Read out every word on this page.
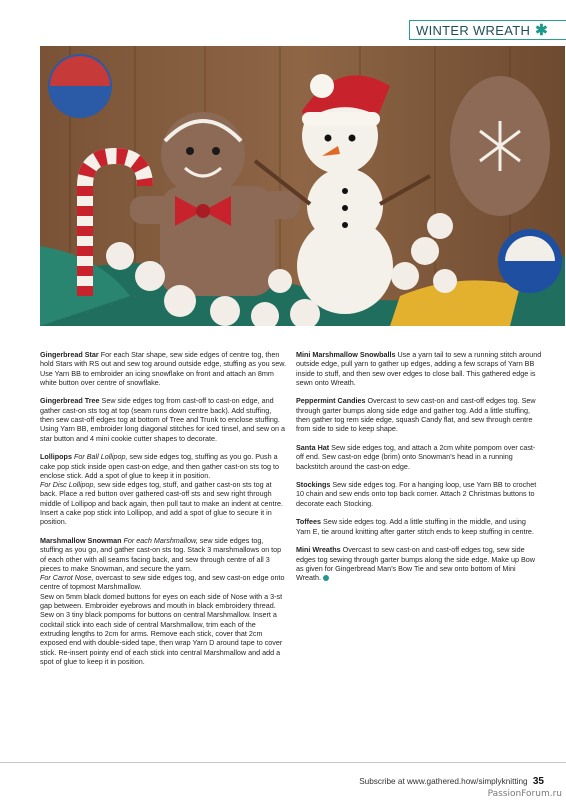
WINTER WREATH ✱

Gingerbread Star For each Star shape, sew side edges of centre tog, then hold Stars with RS out and sew tog around outside edge, stuffing as you sew. Use Yarn BB to embroider an icing snowflake on front and attach an 8mm white button over centre of snowflake.

Gingerbread Tree Sew side edges tog from cast-off to cast-on edge, and gather cast-on sts tog at top (seam runs down centre back). Add stuffing, then sew cast-off edges tog at bottom of Tree and Trunk to enclose stuffing. Using Yarn BB, embroider long diagonal stitches for iced tinsel, and sew on a star button and 4 mini cookie cutter shapes to decorate.

Lollipops For Ball Lollipop, sew side edges tog, stuffing as you go. Push a cake pop stick inside open cast-on edge, and then gather cast-on sts tog to enclose stick. Add a spot of glue to keep it in position.
For Disc Lollipop, sew side edges tog, stuff, and gather cast-on sts tog at back. Place a red button over gathered cast-off sts and sew right through middle of Lollipop and back again, then pull taut to make an indent at centre. Insert a cake pop stick into Lollipop, and add a spot of glue to secure it in position.

Marshmallow Snowman For each Marshmallow, sew side edges tog, stuffing as you go, and gather cast-on sts tog. Stack 3 marshmallows on top of each other with all seams facing back, and sew through centre of all 3 pieces to make Snowman, and secure the yarn.
For Carrot Nose, overcast to sew side edges tog, and sew cast-on edge onto centre of topmost Marshmallow.
Sew on 5mm black domed buttons for eyes on each side of Nose with a 3-st gap between. Embroider eyebrows and mouth in black embroidery thread. Sew on 3 tiny black pompoms for buttons on central Marshmallow. Insert a cocktail stick into each side of central Marshmallow, trim each of the extruding lengths to 2cm for arms. Remove each stick, cover that 2cm exposed end with double-sided tape, then wrap Yarn D around tape to cover stick. Re-insert pointy end of each stick into central Marshmallow and add a spot of glue to keep it in position.

Mini Marshmallow Snowballs Use a yarn tail to sew a running stitch around outside edge, pull yarn to gather up edges, adding a few scraps of Yarn BB inside to stuff, and then sew over edges to close ball. This gathered edge is sewn onto Wreath.

Peppermint Candies Overcast to sew cast-on and cast-off edges tog. Sew through garter bumps along side edge and gather tog. Add a little stuffing, then gather tog rem side edge, squash Candy flat, and sew through centre from side to side to keep shape.

Santa Hat Sew side edges tog, and attach a 2cm white pompom over cast-off end. Sew cast-on edge (brim) onto Snowman’s head in a running backstitch around the cast-on edge.

Stockings Sew side edges tog. For a hanging loop, use Yarn BB to crochet 10 chain and sew ends onto top back corner. Attach 2 Christmas buttons to decorate each Stocking.

Toffees Sew side edges tog. Add a little stuffing in the middle, and using Yarn E, tie around knitting after garter stitch ends to keep stuffing in centre.

Mini Wreaths Overcast to sew cast-on and cast-off edges tog, sew side edges tog sewing through garter bumps along the side edge. Make up Bow as given for Gingerbread Man’s Bow Tie and sew onto bottom of Mini Wreath.

Subscribe at www.gathered.how/simplyknitting 35
PassionForum.ru
